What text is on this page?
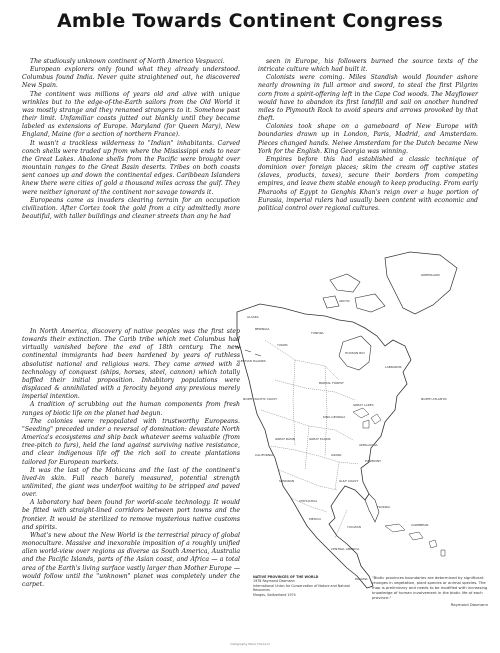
Amble Towards Continent Congress

The studiously unknown continent of North Americo Vespucci.

European explorers only found what they already understood. Columbus found India. Never quite straightened out, he discovered New Spain.

The continent was millions of years old and alive with unique wrinkles but to the edge-of-the-Earth sailors from the Old World it was mostly strange and they renamed strangers to it. Somehow past their limit. Unfamiliar coasts jutted out blankly until they became labeled as extensions of Europe. Maryland (for Queen Mary), New England, Maine (for a section of northern France).

It wasn't a trackless wilderness to "Indian" inhabitants. Carved conch shells were traded up from where the Mississippi ends to near the Great Lakes. Abalone shells from the Pacific were brought over mountain ranges to the Great Basin deserts. Tribes on both coasts sent canoes up and down the continental edges. Caribbean Islanders knew there were cities of gold a thousand miles across the gulf. They were neither ignorant of the continent nor savage towards it.

Europeans came as invaders clearing terrain for an occupation civilization. After Cortez took the gold from a city admittedly more beautiful, with taller buildings and cleaner streets than any he had

seen in Europe, his followers burned the source texts of the intricate culture which had built it.

Colonists were coming. Miles Standish would flounder ashore nearly drowning in full armor and sword, to steal the first Pilgrim corn from a spirit-offering left in the Cape Cod woods. The Mayflower would have to abandon its first landfill and sail on another hundred miles to Plymouth Rock to avoid spears and arrows provoked by that theft.

Colonies took shape on a gameboard of New Europe with boundaries drawn up in London, Paris, Madrid, and Amsterdam. Pieces changed hands. Neiwe Amsterdam for the Dutch became New York for the English. King Georgia was winning.

Empires before this had established a classic technique of dominion over foreign places; skim the cream off captive states (slaves, products, taxes), secure their borders from competing empires, and leave them stable enough to keep producing. From early Pharaohs of Egypt to Genghis Khan's reign over a huge portion of Eurasia, imperial rulers had usually been content with economic and political control over regional cultures.

In North America, discovery of native peoples was the first step towards their extinction. The Carib tribe which met Columbus had virtually vanished before the end of 18th century. The new continental immigrants had been hardened by years of ruthless absolutist national and religious wars. They came armed with a technology of conquest (ships, horses, steel, cannon) which totally baffled their initial proposition. Inhabitory populations were displaced & annihilated with a ferocity beyond any previous merely imperial intention.

A tradition of scrubbing out the human components from fresh ranges of biotic life on the planet had begun.

The colonies were repopulated with trustworthy Europeans. "Seeding" preceded under a reversal of domination: devastate North America's ecosystems and ship back whatever seems valuable (from tree-pitch to furs), held the land against surviving native resistance, and clear indigenous life off the rich soil to create plantations tailored for European markets.

It was the last of the Mohicans and the last of the continent's lived-in skin. Full reach barely measured, potential strength unlimited, the giant was underfoot waiting to be stripped and paved over.

A laboratory had been found for world-scale technology. It would be fitted with straight-lined corridors between port towns and the frontier. It would be sterilized to remove mysterious native customs and spirits.

What's new about the New World is the terrestrial piracy of global monoculture. Massive and inexorable imposition of a roughly unified alien world-view over regions as diverse as South America, Australia and the Pacific Islands, parts of the Asian coast, and Africa — a total area of the Earth's living surface vastly larger than Mother Europe — would follow until the "unknown" planet was completely under the carpet.

GREENLAND
ALASKA
ALEUTIAN ISLANDS
BERINGIA
YUKON
ARCTIC
TUNDRA
HUDSON BAY
LABRADOR
NORTH ATLANTIC
BOREAL FOREST
NORTH PACIFIC COAST
GREAT LAKES
KING GEORGIA
GREAT PLAINS
GREAT BASIN
CALIFORNIA
SONORAN
OZARK
APPALACHIA
PIEDMONT
GULF COAST
FLORIDA
CHIHUAHUA
MEXICO
CARIBBEAN
YUCATAN
CENTRAL AMERICA
PANAMA
NATIVE PROVINCES OF THE WORLD
1978 Raymond Dasmann
International Union for Conservation of Nature and Natural Resources
Morges, Switzerland 1974
"Biotic provinces boundaries are determined by significant changes in vegetation, plant species or animal species. The map is preliminary and needs to be modified with increasing knowledge of human involvement in the biotic life of each province."
Raymond Dasmann
Calligraphy Marci Hocks D
